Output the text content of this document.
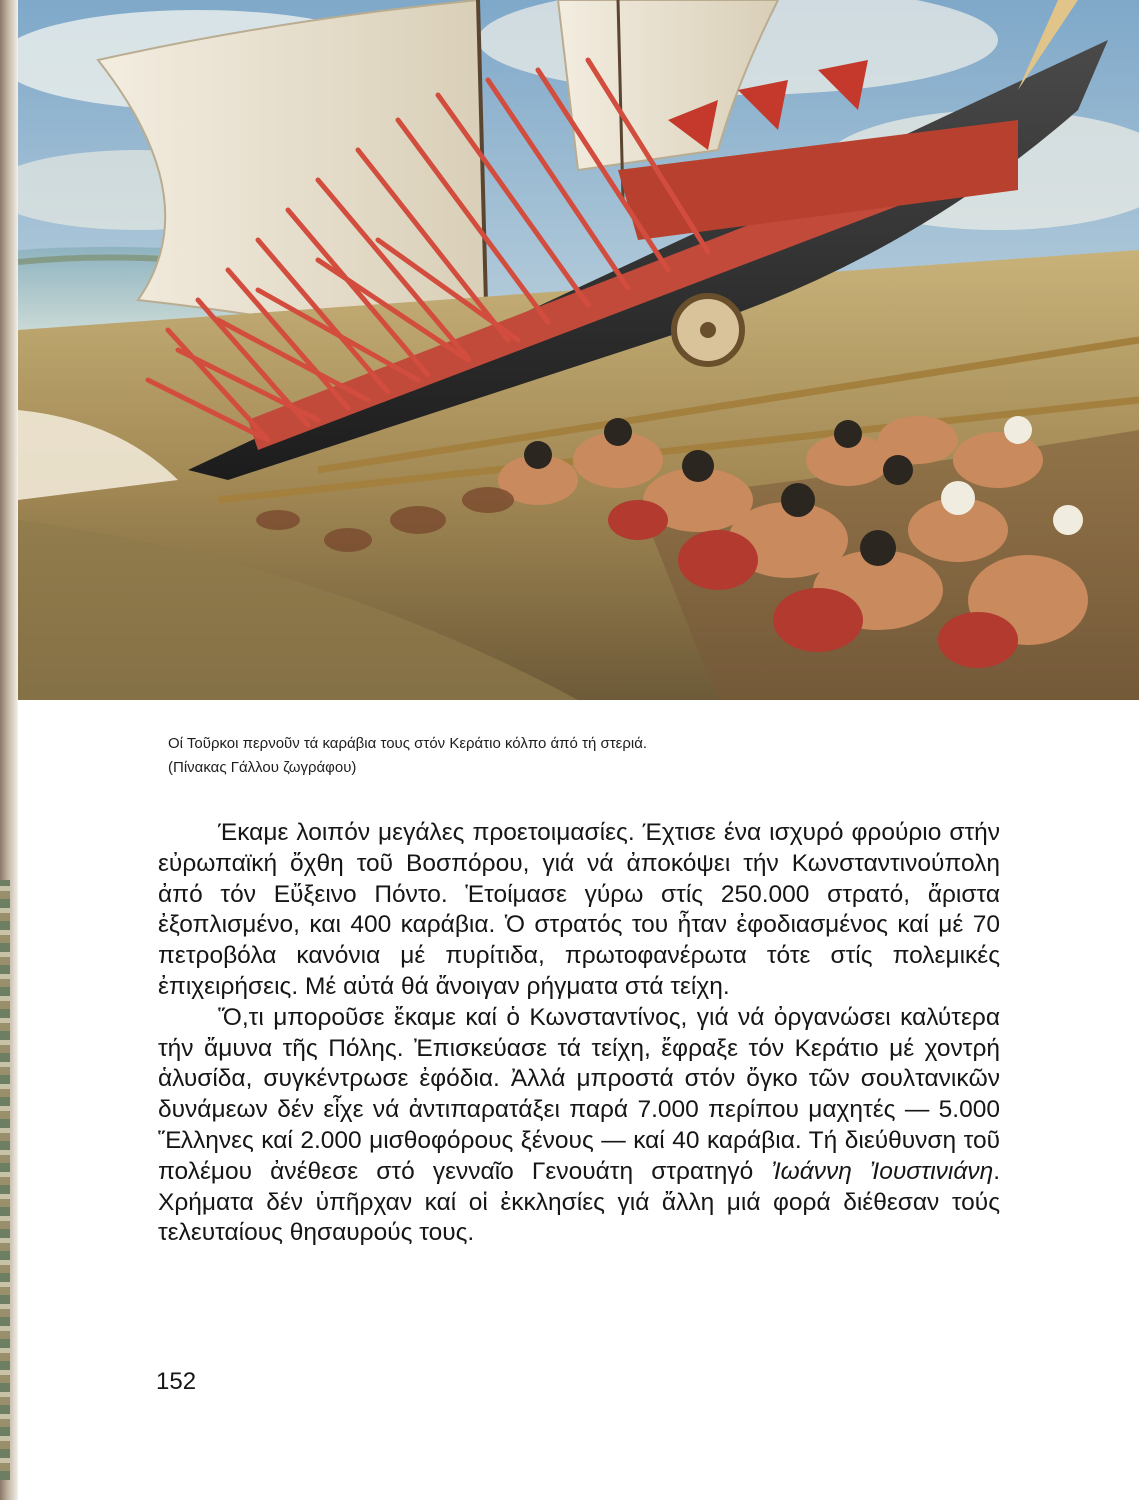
Οί Τοῦρκοι περνοῦν τά καράβια τους στόν Κεράτιο κόλπο άπό τή στεριά.
(Πίνακας Γάλλου ζωγράφου)

Έκαμε λοιπόν μεγάλες προετοιμασίες. Έχτισε ένα ισχυρό φρούριο στήν εὐρωπαϊκή ὄχθη τοῦ Βοσπόρου, γιά νά ἀποκόψει τήν Κωνσταντινούπολη ἀπό τόν Εὔξεινο Πόντο. Ἑτοίμασε γύρω στίς 250.000 στρατό, ἄριστα ἐξοπλισμένο, και 400 καράβια. Ὁ στρατός του ἦταν ἐφοδιασμένος καί μέ 70 πετροβόλα κανόνια μέ πυρίτιδα, πρωτοφανέρωτα τότε στίς πολεμικές ἐπιχειρήσεις. Μέ αὐτά θά ἄνοιγαν ρήγματα στά τείχη.

Ὅ,τι μποροῦσε ἔκαμε καί ὁ Κωνσταντίνος, γιά νά ὀργανώσει καλύτερα τήν ἄμυνα τῆς Πόλης. Ἐπισκεύασε τά τείχη, ἔφραξε τόν Κεράτιο μέ χοντρή ἁλυσίδα, συγκέντρωσε ἐφόδια. Ἀλλά μπροστά στόν ὄγκο τῶν σουλτανικῶν δυνάμεων δέν εἶχε νά ἀντιπαρατάξει παρά 7.000 περίπου μαχητές — 5.000 Ἕλληνες καί 2.000 μισθοφόρους ξένους — καί 40 καράβια. Τή διεύθυνση τοῦ πολέμου ἀνέθεσε στό γενναῖο Γενουάτη στρατηγό Ἰωάννη Ἰουστινιάνη. Χρήματα δέν ὑπῆρχαν καί οἱ ἐκκλησίες γιά ἄλλη μιά φορά διέθεσαν τούς τελευταίους θησαυρούς τους.

152
